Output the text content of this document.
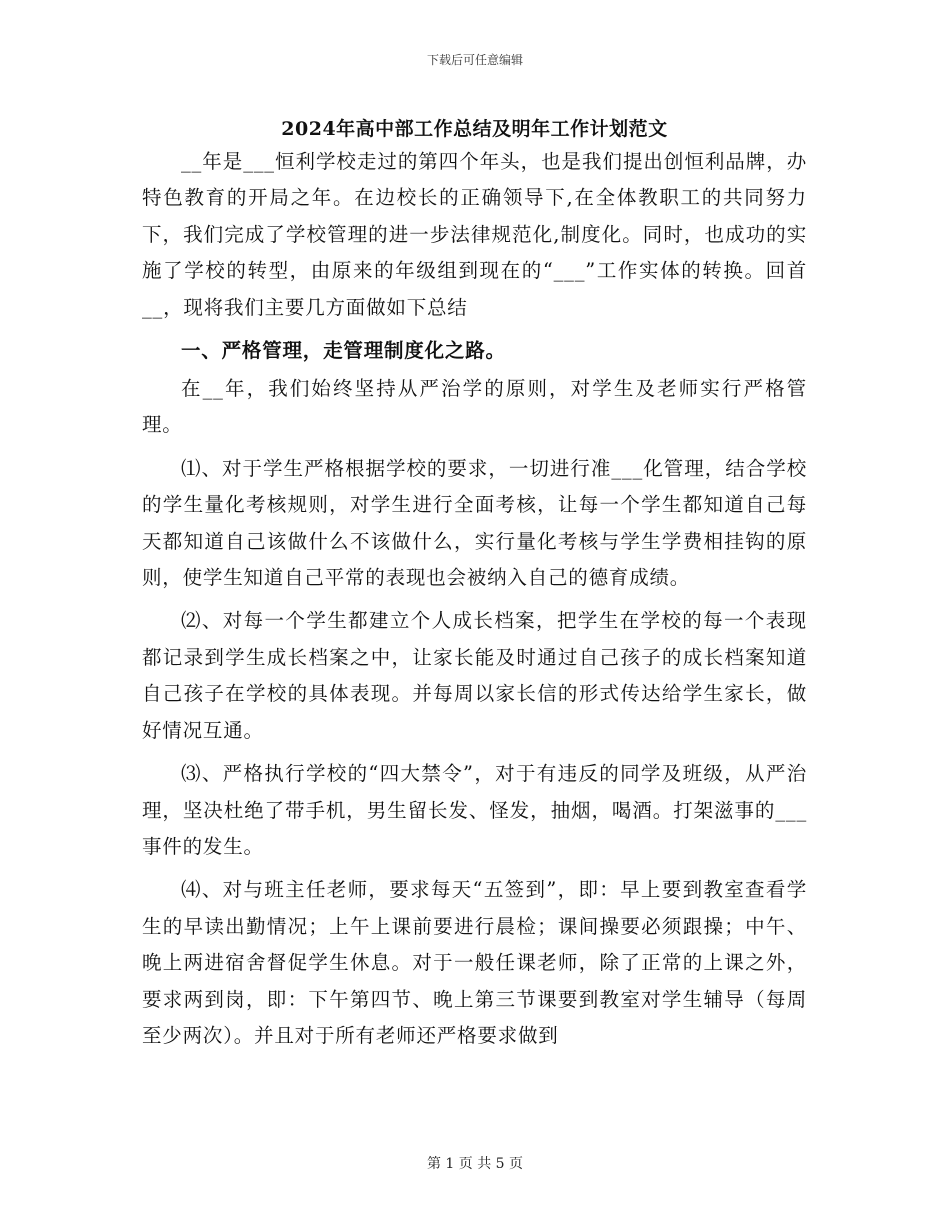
下载后可任意编辑
2024年高中部工作总结及明年工作计划范文

__年是___恒利学校走过的第四个年头，也是我们提出创恒利品牌，办特色教育的开局之年。在边校长的正确领导下,在全体教职工的共同努力下，我们完成了学校管理的进一步法律规范化,制度化。同时，也成功的实施了学校的转型，由原来的年级组到现在的“___”工作实体的转换。回首__，现将我们主要几方面做如下总结

一、严格管理，走管理制度化之路。

在__年，我们始终坚持从严治学的原则，对学生及老师实行严格管理。

⑴、对于学生严格根据学校的要求，一切进行准___化管理，结合学校的学生量化考核规则，对学生进行全面考核，让每一个学生都知道自己每天都知道自己该做什么不该做什么，实行量化考核与学生学费相挂钩的原则，使学生知道自己平常的表现也会被纳入自己的德育成绩。

⑵、对每一个学生都建立个人成长档案，把学生在学校的每一个表现都记录到学生成长档案之中，让家长能及时通过自己孩子的成长档案知道自己孩子在学校的具体表现。并每周以家长信的形式传达给学生家长，做好情况互通。

⑶、严格执行学校的“四大禁令”，对于有违反的同学及班级，从严治理，坚决杜绝了带手机，男生留长发、怪发，抽烟，喝酒。打架滋事的___事件的发生。

⑷、对与班主任老师，要求每天“五签到”，即：早上要到教室查看学生的早读出勤情况；上午上课前要进行晨检；课间操要必须跟操；中午、晚上两进宿舍督促学生休息。对于一般任课老师，除了正常的上课之外，要求两到岗，即：下午第四节、晚上第三节课要到教室对学生辅导（每周至少两次）。并且对于所有老师还严格要求做到

第 1 页 共 5 页
